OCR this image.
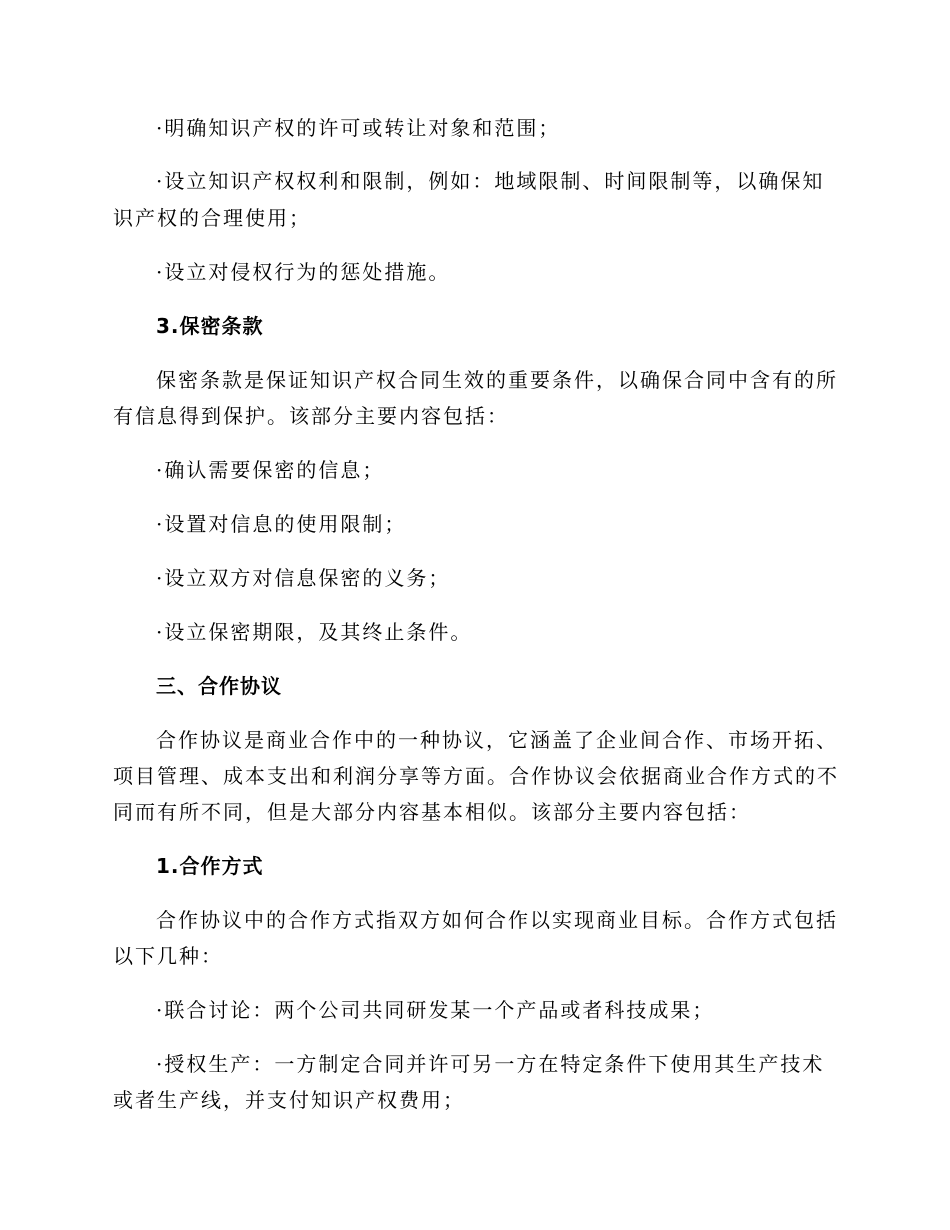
·明确知识产权的许可或转让对象和范围；
·设立知识产权权利和限制，例如：地域限制、时间限制等，以确保知
识产权的合理使用；
·设立对侵权行为的惩处措施。
3.保密条款
保密条款是保证知识产权合同生效的重要条件，以确保合同中含有的所
有信息得到保护。该部分主要内容包括：
·确认需要保密的信息；
·设置对信息的使用限制；
·设立双方对信息保密的义务；
·设立保密期限，及其终止条件。
三、合作协议
合作协议是商业合作中的一种协议，它涵盖了企业间合作、市场开拓、
项目管理、成本支出和利润分享等方面。合作协议会依据商业合作方式的不
同而有所不同，但是大部分内容基本相似。该部分主要内容包括：
1.合作方式
合作协议中的合作方式指双方如何合作以实现商业目标。合作方式包括
以下几种：
·联合讨论：两个公司共同研发某一个产品或者科技成果；
·授权生产：一方制定合同并许可另一方在特定条件下使用其生产技术
或者生产线，并支付知识产权费用；
